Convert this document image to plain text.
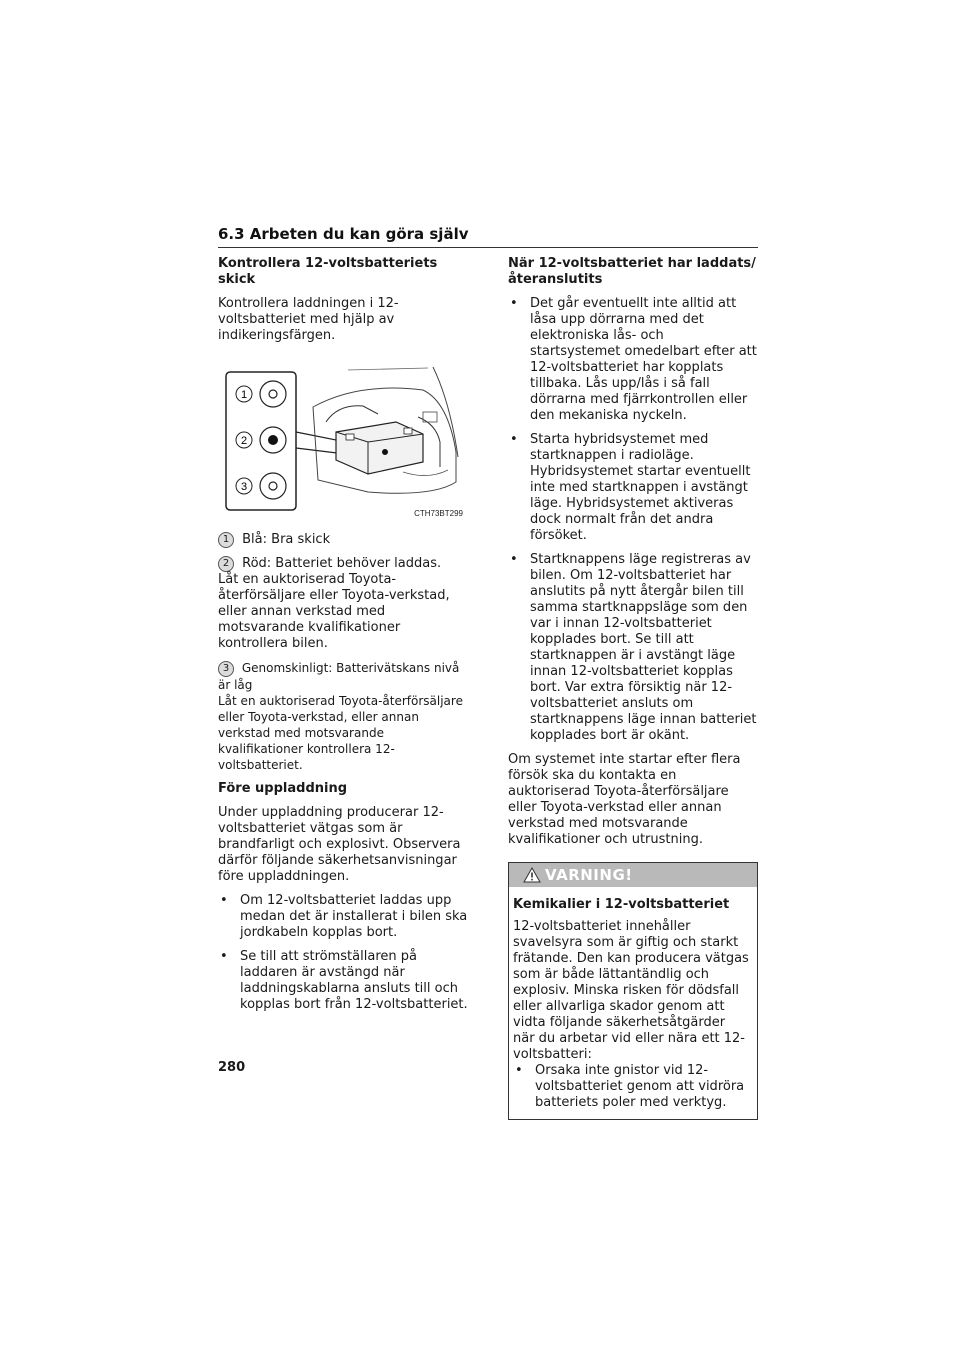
6.3 Arbeten du kan göra själv
Kontrollera 12-voltsbatteriets skick

Kontrollera laddningen i 12-voltsbatteriet med hjälp av indikeringsfärgen.

1
2
3
CTH73BT299

1 Blå: Bra skick

2 Röd: Batteriet behöver laddas.

Låt en auktoriserad Toyota-återförsäljare eller Toyota-verkstad, eller annan verkstad med motsvarande kvalifikationer kontrollera bilen.

3 Genomskinligt: Batterivätskans nivå är låg

Låt en auktoriserad Toyota-återförsäljare eller Toyota-verkstad, eller annan verkstad med motsvarande kvalifikationer kontrollera 12-voltsbatteriet.

Före uppladdning

Under uppladdning producerar 12-voltsbatteriet vätgas som är brandfarligt och explosivt. Observera därför följande säkerhetsanvisningar före uppladdningen.

• Om 12-voltsbatteriet laddas upp medan det är installerat i bilen ska jordkabeln kopplas bort.
• Se till att strömställaren på laddaren är avstängd när laddningskablarna ansluts till och kopplas bort från 12-voltsbatteriet.
När 12-voltsbatteriet har laddats/återanslutits
• Det går eventuellt inte alltid att låsa upp dörrarna med det elektroniska lås- och startsystemet omedelbart efter att 12-voltsbatteriet har kopplats tillbaka. Lås upp/lås i så fall dörrarna med fjärrkontrollen eller den mekaniska nyckeln.
• Starta hybridsystemet med startknappen i radioläge. Hybridsystemet startar eventuellt inte med startknappen i avstängt läge. Hybridsystemet aktiveras dock normalt från det andra försöket.
• Startknappens läge registreras av bilen. Om 12-voltsbatteriet har anslutits på nytt återgår bilen till samma startknappsläge som den var i innan 12-voltsbatteriet kopplades bort. Se till att startknappen är i avstängt läge innan 12-voltsbatteriet kopplas bort. Var extra försiktig när 12-voltsbatteriet ansluts om startknappens läge innan batteriet kopplades bort är okänt.

Om systemet inte startar efter flera försök ska du kontakta en auktoriserad Toyota-återförsäljare eller Toyota-verkstad eller annan verkstad med motsvarande kvalifikationer och utrustning.

VARNING!
Kemikalier i 12-voltsbatteriet

12-voltsbatteriet innehåller svavelsyra som är giftig och starkt frätande. Den kan producera vätgas som är både lättantändlig och explosiv. Minska risken för dödsfall eller allvarliga skador genom att vidta följande säkerhetsåtgärder när du arbetar vid eller nära ett 12-voltsbatteri:

• Orsaka inte gnistor vid 12-voltsbatteriet genom att vidröra batteriets poler med verktyg.
280
